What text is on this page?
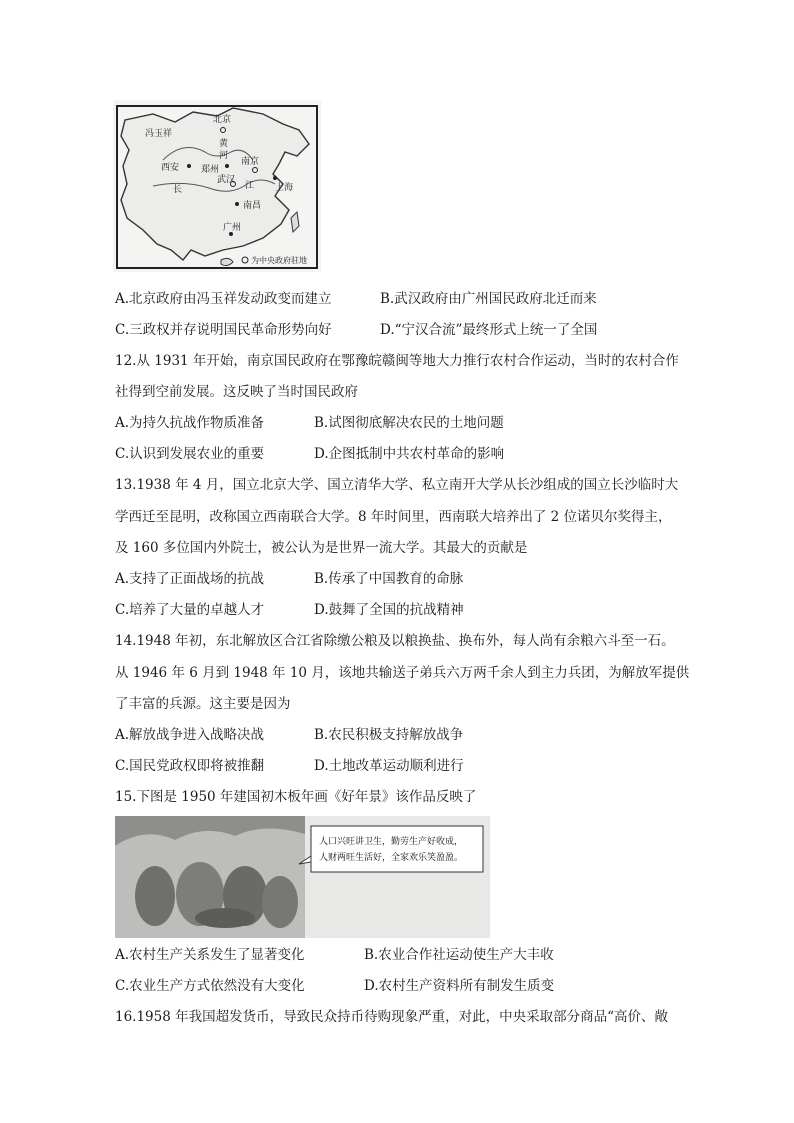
冯玉祥
北京
黄
河
西安 郑州
南京
武汉
江
长	上海
南昌
广州
为中央政府驻地
A.北京政府由冯玉祥发动政变而建立	B.武汉政府由广州国民政府北迁而来
C.三政权并存说明国民革命形势向好	D.“宁汉合流”最终形式上统一了全国
12.从 1931 年开始，南京国民政府在鄂豫皖赣闽等地大力推行农村合作运动，当时的农村合作
社得到空前发展。这反映了当时国民政府
A.为持久抗战作物质准备	B.试图彻底解决农民的土地问题
C.认识到发展农业的重要	D.企图抵制中共农村革命的影响
13.1938 年 4 月，国立北京大学、国立清华大学、私立南开大学从长沙组成的国立长沙临时大
学西迁至昆明，改称国立西南联合大学。8 年时间里，西南联大培养出了 2 位诺贝尔奖得主，
及 160 多位国内外院士，被公认为是世界一流大学。其最大的贡献是
A.支持了正面战场的抗战	B.传承了中国教育的命脉
C.培养了大量的卓越人才	D.鼓舞了全国的抗战精神
14.1948 年初，东北解放区合江省除缴公粮及以粮换盐、换布外，每人尚有余粮六斗至一石。
从 1946 年 6 月到 1948 年 10 月，该地共输送子弟兵六万两千余人到主力兵团，为解放军提供
了丰富的兵源。这主要是因为
A.解放战争进入战略决战	B.农民积极支持解放战争
C.国民党政权即将被推翻	D.土地改革运动顺利进行
15.下图是 1950 年建国初木板年画《好年景》该作品反映了
人口兴旺讲卫生，勤劳生产好收成，
人财两旺生活好，全家欢乐笑盈盈。
A.农村生产关系发生了显著变化	B.农业合作社运动使生产大丰收
C.农业生产方式依然没有大变化	D.农村生产资料所有制发生质变
16.1958 年我国超发货币，导致民众持币待购现象严重，对此，中央采取部分商品“高价、敞
